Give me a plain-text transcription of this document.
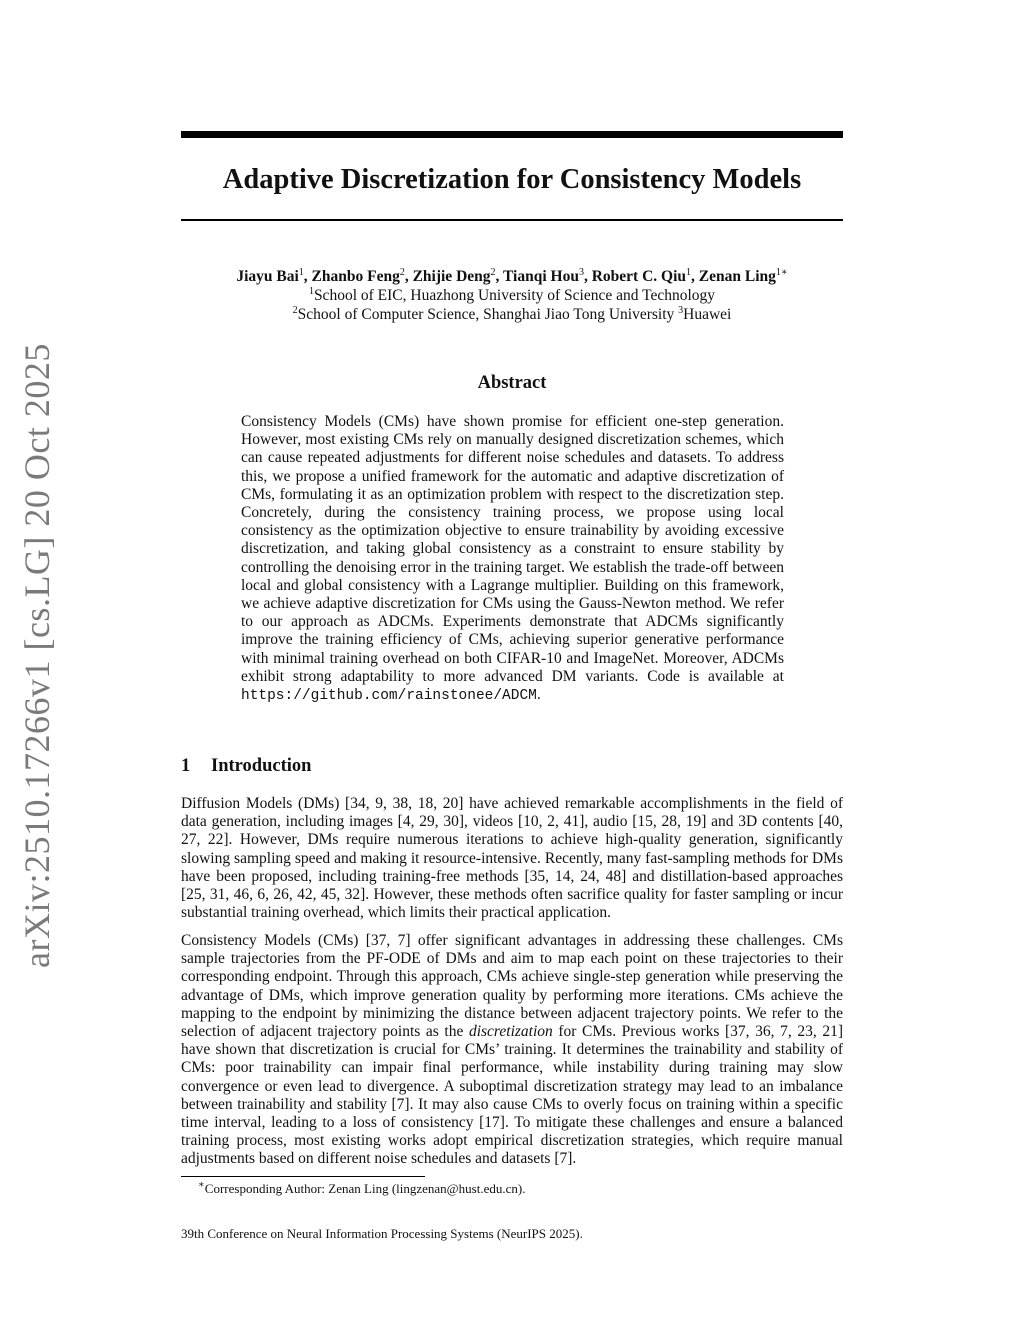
arXiv:2510.17266v1 [cs.LG] 20 Oct 2025
Adaptive Discretization for Consistency Models
Jiayu Bai$^1$, Zhanbo Feng$^2$, Zhijie Deng$^2$, Tianqi Hou$^3$, Robert C. Qiu$^1$, Zenan Ling$^{1∗}$
$^1$School of EIC, Huazhong University of Science and Technology
$^2$School of Computer Science, Shanghai Jiao Tong University $^3$Huawei
Abstract
Consistency Models (CMs) have shown promise for efficient one-step generation. However, most existing CMs rely on manually designed discretization schemes, which can cause repeated adjustments for different noise schedules and datasets. To address this, we propose a unified framework for the automatic and adaptive discretization of CMs, formulating it as an optimization problem with respect to the discretization step. Concretely, during the consistency training process, we propose using local consistency as the optimization objective to ensure trainability by avoiding excessive discretization, and taking global consistency as a constraint to ensure stability by controlling the denoising error in the training target. We establish the trade-off between local and global consistency with a Lagrange multiplier. Building on this framework, we achieve adaptive discretization for CMs using the Gauss-Newton method. We refer to our approach as ADCMs. Experiments demonstrate that ADCMs significantly improve the training efficiency of CMs, achieving superior generative performance with minimal training overhead on both CIFAR-10 and ImageNet. Moreover, ADCMs exhibit strong adaptability to more advanced DM variants. Code is available at https://github.com/rainstonee/ADCM.
1 Introduction
Diffusion Models (DMs) [34, 9, 38, 18, 20] have achieved remarkable accomplishments in the field of data generation, including images [4, 29, 30], videos [10, 2, 41], audio [15, 28, 19] and 3D contents [40, 27, 22]. However, DMs require numerous iterations to achieve high-quality generation, significantly slowing sampling speed and making it resource-intensive. Recently, many fast-sampling methods for DMs have been proposed, including training-free methods [35, 14, 24, 48] and distillation-based approaches [25, 31, 46, 6, 26, 42, 45, 32]. However, these methods often sacrifice quality for faster sampling or incur substantial training overhead, which limits their practical application.
Consistency Models (CMs) [37, 7] offer significant advantages in addressing these challenges. CMs sample trajectories from the PF-ODE of DMs and aim to map each point on these trajectories to their corresponding endpoint. Through this approach, CMs achieve single-step generation while preserving the advantage of DMs, which improve generation quality by performing more iterations. CMs achieve the mapping to the endpoint by minimizing the distance between adjacent trajectory points. We refer to the selection of adjacent trajectory points as the discretization for CMs. Previous works [37, 36, 7, 23, 21] have shown that discretization is crucial for CMs’ training. It determines the trainability and stability of CMs: poor trainability can impair final performance, while instability during training may slow convergence or even lead to divergence. A suboptimal discretization strategy may lead to an imbalance between trainability and stability [7]. It may also cause CMs to overly focus on training within a specific time interval, leading to a loss of consistency [17]. To mitigate these challenges and ensure a balanced training process, most existing works adopt empirical discretization strategies, which require manual adjustments based on different noise schedules and datasets [7].
∗Corresponding Author: Zenan Ling (lingzenan@hust.edu.cn).
39th Conference on Neural Information Processing Systems (NeurIPS 2025).
